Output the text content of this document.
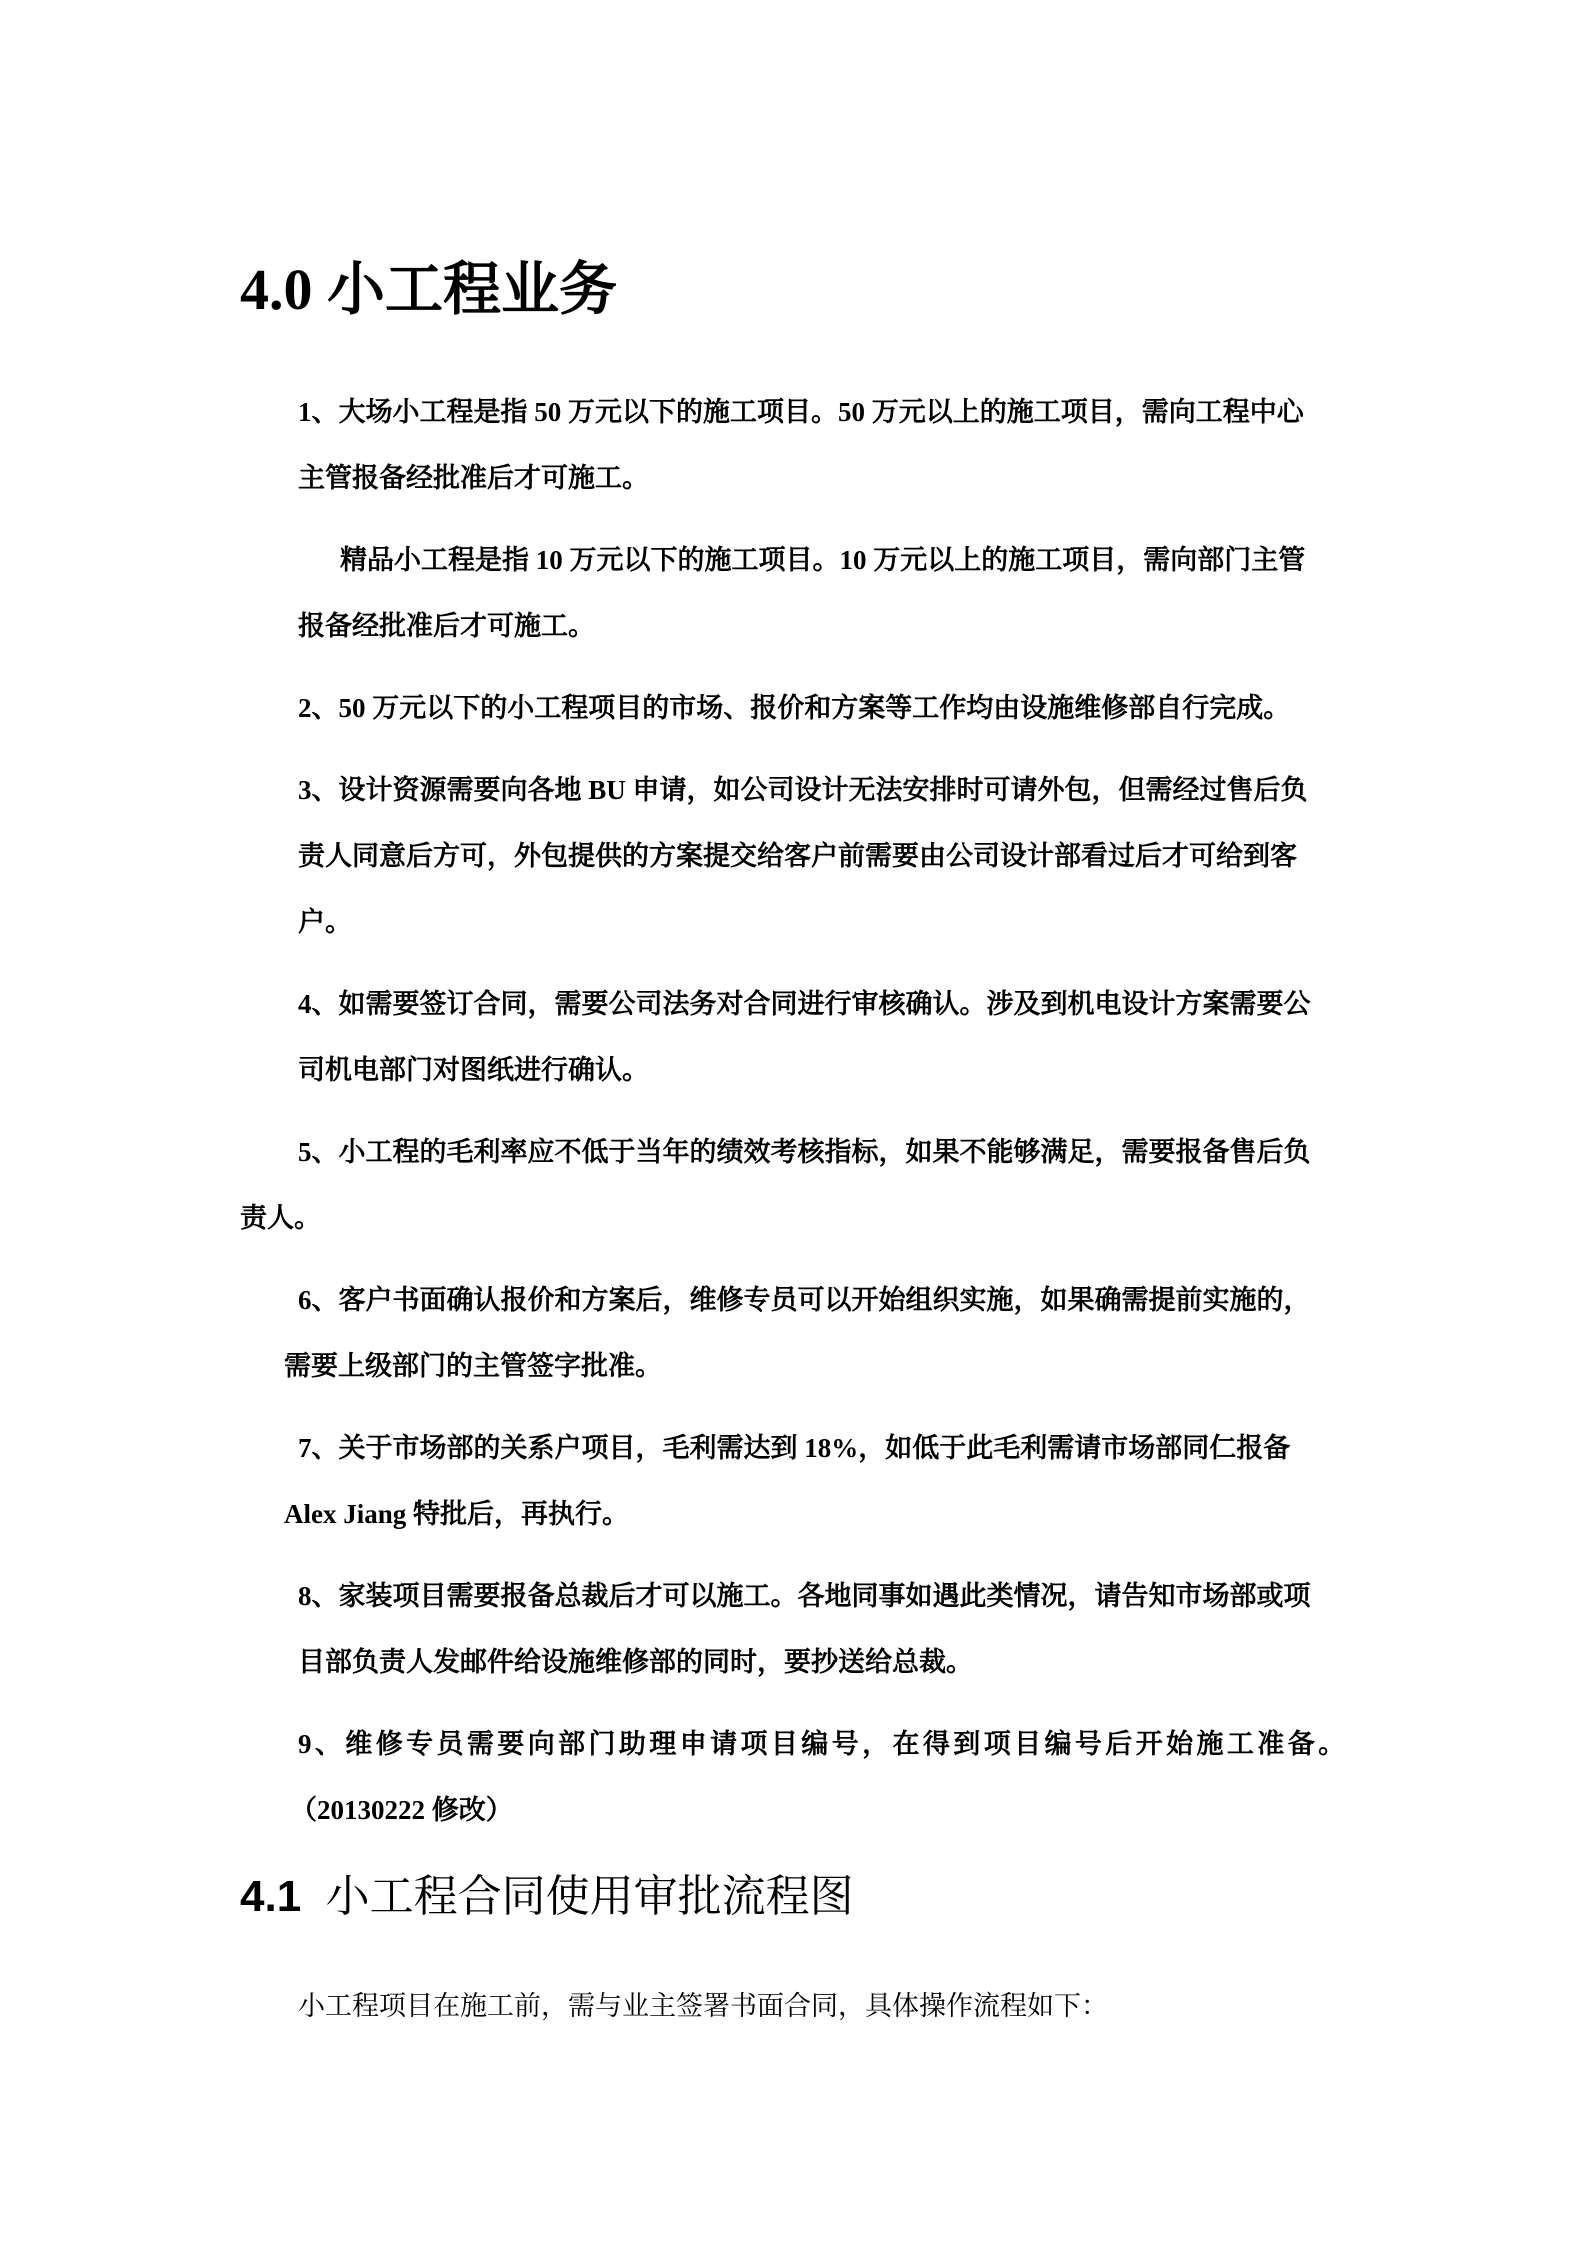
4.0 小工程业务

1、大场小工程是指 50 万元以下的施工项目。50 万元以上的施工项目，需向工程中心

主管报备经批准后才可施工。

精品小工程是指 10 万元以下的施工项目。10 万元以上的施工项目，需向部门主管

报备经批准后才可施工。

2、50 万元以下的小工程项目的市场、报价和方案等工作均由设施维修部自行完成。

3、设计资源需要向各地 BU 申请，如公司设计无法安排时可请外包，但需经过售后负

责人同意后方可，外包提供的方案提交给客户前需要由公司设计部看过后才可给到客

户。

4、如需要签订合同，需要公司法务对合同进行审核确认。涉及到机电设计方案需要公

司机电部门对图纸进行确认。

5、小工程的毛利率应不低于当年的绩效考核指标，如果不能够满足，需要报备售后负

责人。

6、客户书面确认报价和方案后，维修专员可以开始组织实施，如果确需提前实施的，

需要上级部门的主管签字批准。

7、关于市场部的关系户项目，毛利需达到 18%，如低于此毛利需请市场部同仁报备

Alex Jiang 特批后，再执行。

8、家装项目需要报备总裁后才可以施工。各地同事如遇此类情况，请告知市场部或项

目部负责人发邮件给设施维修部的同时，要抄送给总裁。

9、维修专员需要向部门助理申请项目编号，在得到项目编号后开始施工准备。

（20130222 修改）

4.1 小工程合同使用审批流程图

小工程项目在施工前，需与业主签署书面合同，具体操作流程如下：
